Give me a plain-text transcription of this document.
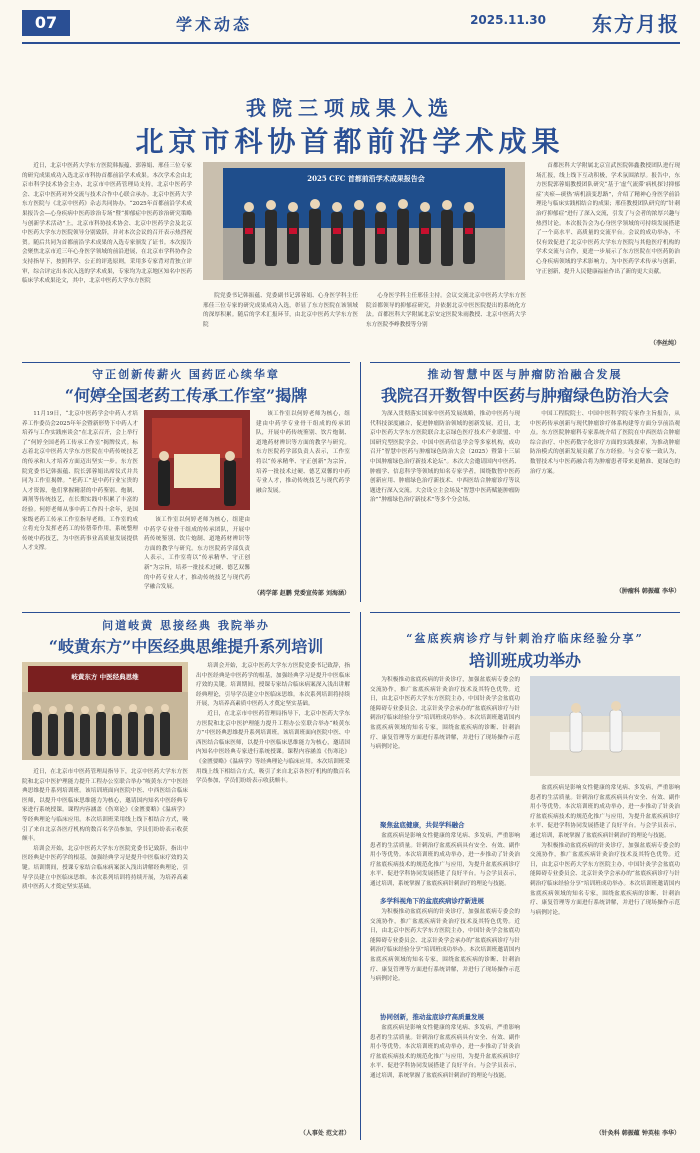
07	学术动态	2025.11.30	东方月报
我院三项成果入选
北京市科协首都前沿学术成果

近日，北京中医药大学东方医院韩振蕴、郭蓉娟、邢佳三位专家的研究成果成功入选北京市科协首都前沿学术成果。本次学术会由北京市科学技术协会主办，北京市中医药管理局支持，北京中医药学会、北京中医药对外交流与技术合作中心联合承办。北京中医药大学东方医院与《北京中医药》杂志共同协办。“2025年首都前沿学术成果报告会—心身疾病中医药诊治专场”暨“抑郁症中医药诊治研究策略与创新学术活动”上，北京市科协技术协会、北京中医药学会及北京中医药大学东方医院领导分别致辞，并对本次会议的召开表示热烈祝贺。随后共同为首都前沿学术成果的入选专家颁发了证书。本次报告会聚焦北京市近三年心身医学领域的前沿进展，在北京市学科协作会支持指导下，按照科学、公正的评选原则，采用多专家背对背独立评审，综合评定出本次入选的学术成果，专家均为北京地区知名中医药临床学术成果论文，其中，北京中医药大学东方医院

2025 CFC 首都前沿学术成果报告会

院党委书记韩振蕴、党委副书记郭蓉娟、心身医学科主任邢佳三位专家的研究成果成功入选，彰显了东方医院在该领域的深厚积累。随后的学术汇报环节，由北京中医药大学东方医院

心身医学科主任邢佳主持。会议交流北京中医药大学东方医院首都领导的抑郁症研究，并依据北京中医医院提出的系统化方法。首都医科大学附属北京安定医院朱雨教授、北京中医药大学东方医院李峥教授等分别

首都医科大学附属北京宣武医院韩鑫教授团队进行现场汇报，线上线下互动积极，学术氛围浓厚。报告中，东方医院郭蓉娟教授团队研究“基于‘虚气流滞’病机探讨抑郁症‘夹瘀—痰热’病机演变思路”，介绍了精神心身医学前沿理论与临床实践相结合的成果；邢佳教授团队研究的“针刺治疗抑郁症”进行了深入交流，引发了与会者的浓厚兴趣与热烈讨论。本次报告会为心身医学领域的可持续发展搭建了一个高水平、高质量的交流平台。会议的成功举办，不仅有效促进了北京中医药大学东方医院与其他医疗机构的学术交流与合作，更进一步展示了东方医院在中医药防治心身疾病领域的学术影响力，为中医药学术传承与创新，守正创新，提升人民健康福祉作出了新的更大贡献。

（李丝纯）
守正创新传薪火 国药匠心续华章
“何婷全国老药工传承工作室”揭牌

11月19日，“北京中医药学会中药人才培养工作委员会2025年年会暨新形势下中药人才培养与工作实践座谈会”在北京召开，会上举行了“何婷全国老药工传承工作室”揭牌仪式。标志着北京中医药大学东方医院在中药传统技艺的传承和人才培养方面迈出坚实一步。东方医院党委书记韩振蕴、院长郭蓉娟出席仪式并共同为工作室揭牌。“老药工”是中药行业宝贵的人才资源，他们掌握精湛的中药鉴别、炮制、调剂等传统技艺，在长期实践中积累了丰富的经验。何婷老师从事中药工作四十余年，是国家级老药工传承工作室指导老师。工作室的成立将充分发挥老药工的传帮带作用，系统整理传统中药技艺，为中医药事业高质量发展提供人才支撑。

该工作室以何婷老师为核心，组建由中药学专业骨干组成的传承团队，开展中药传统鉴别、饮片炮制、道地药材辨识等方面的教学与研究。东方医院药学部负责人表示，工作室将以“传承精华、守正创新”为宗旨，培养一批技术过硬、德艺双馨的中药专业人才，推动传统技艺与现代药学融合发展。

该工作室以何婷老师为核心，组建由中药学专业骨干组成的传承团队，开展中药传统鉴别、饮片炮制、道地药材辨识等方面的教学与研究。东方医院药学部负责人表示，工作室将以“传承精华、守正创新”为宗旨，培养一批技术过硬、德艺双馨的中药专业人才，推动传统技艺与现代药学融合发展。

（药学部 赵鹏 党委宣传部 刘海涵）
推动智慧中医与肿瘤防治融合发展
我院召开数智中医药与肿瘤绿色防治大会

为深入贯彻落实国家中医药发展战略，推动中医药与现代科技深度融合，促进肿瘤防治领域的创新发展，近日，北京中医药大学东方医院联合北京绿色医疗技术产业联盟、中国研究型医院学会、中国中医药信息学会等多家机构，成功召开“智慧中医药与肿瘤绿色防治大会（2025）暨第十三届中国肿瘤绿色治疗新技术论坛”。本次大会邀请国内中医药、肿瘤学、信息科学等领域的知名专家学者，围绕数智中医药创新应用、肿瘤绿色治疗新技术、中西医结合肿瘤诊疗等议题进行深入交流。大会设立主会场及“智慧中医药赋能肿瘤防治”“肿瘤绿色治疗新技术”等多个分会场。

中国工程院院士、中国中医科学院专家作主旨报告，从中医药传承创新与现代肿瘤诊疗体系构建等方面分享前沿观点。东方医院肿瘤科专家系统介绍了医院在中西医结合肿瘤综合治疗、中医药数字化诊疗方面的实践探索，为推动肿瘤防治模式的创新发展贡献了东方经验。与会专家一致认为，数智技术与中医药融合将为肿瘤患者带来更精准、更绿色的治疗方案。

（肿瘤科 韩振蕴 李华）
问道岐黄 思接经典 我院举办
“岐黄东方”中医经典思维提升系列培训
岐黄东方 中医经典思维

近日，在北京市中医药管理局指导下，北京中医药大学东方医院和北京中医护理能力提升工程办公室联合举办“岐黄东方”中医经典思维提升系列培训班。该培训班面向医院中医、中西医结合临床医师，以提升中医临床思维能力为核心，邀请国内知名中医经典专家进行系统授课。课程内容涵盖《伤寒论》《金匮要略》《温病学》等经典理论与临床应用。本次培训班采用线上线下相结合方式，吸引了来自北京各医疗机构的数百名学员参加，学员们纷纷表示收获颇丰。

培训会开始，北京中医药大学东方医院党委书记致辞，指出中医经典是中医药学的根基，加强经典学习是提升中医临床疗效的关键。培训期间，授课专家结合临床病案深入浅出讲解经典理论，引导学员建立中医临床思维。本次系列培训将持续开展，为培养高素质中医药人才奠定坚实基础。

培训会开始，北京中医药大学东方医院党委书记致辞，指出中医经典是中医药学的根基，加强经典学习是提升中医临床疗效的关键。培训期间，授课专家结合临床病案深入浅出讲解经典理论，引导学员建立中医临床思维。本次系列培训将持续开展，为培养高素质中医药人才奠定坚实基础。

近日，在北京市中医药管理局指导下，北京中医药大学东方医院和北京中医护理能力提升工程办公室联合举办“岐黄东方”中医经典思维提升系列培训班。该培训班面向医院中医、中西医结合临床医师，以提升中医临床思维能力为核心，邀请国内知名中医经典专家进行系统授课。课程内容涵盖《伤寒论》《金匮要略》《温病学》等经典理论与临床应用。本次培训班采用线上线下相结合方式，吸引了来自北京各医疗机构的数百名学员参加，学员们纷纷表示收获颇丰。

（人事处 范文君）
“盆底疾病诊疗与针刺治疗临床经验分享”
培训班成功举办

为积极推动盆底疾病的针灸诊疗，加强盆底病专委会的交流协作，推广盆底疾病针灸治疗技术及其特色优势。近日，由北京中医药大学东方医院主办，中国针灸学会盆底功能障碍专业委员会、北京针灸学会承办的“盆底疾病诊疗与针刺治疗临床经验分享”培训班成功举办。本次培训班邀请国内盆底疾病领域的知名专家，围绕盆底疾病的诊断、针刺治疗、康复管理等方面进行系统讲解，并进行了现场操作示范与病例讨论。

聚焦盆底健康，共促学科融合

盆底疾病是影响女性健康的常见病、多发病，严重影响患者的生活质量。针刺治疗盆底疾病具有安全、有效、副作用小等优势。本次培训班的成功举办，进一步推动了针灸治疗盆底疾病技术的规范化推广与应用，为提升盆底疾病诊疗水平、促进学科协同发展搭建了良好平台。与会学员表示，通过培训，系统掌握了盆底疾病针刺治疗的理论与技能。

多学科视角下的盆底疾病诊疗新进展

为积极推动盆底疾病的针灸诊疗，加强盆底病专委会的交流协作，推广盆底疾病针灸治疗技术及其特色优势。近日，由北京中医药大学东方医院主办，中国针灸学会盆底功能障碍专业委员会、北京针灸学会承办的“盆底疾病诊疗与针刺治疗临床经验分享”培训班成功举办。本次培训班邀请国内盆底疾病领域的知名专家，围绕盆底疾病的诊断、针刺治疗、康复管理等方面进行系统讲解，并进行了现场操作示范与病例讨论。

协同创新，推动盆底诊疗高质量发展

盆底疾病是影响女性健康的常见病、多发病，严重影响患者的生活质量。针刺治疗盆底疾病具有安全、有效、副作用小等优势。本次培训班的成功举办，进一步推动了针灸治疗盆底疾病技术的规范化推广与应用，为提升盆底疾病诊疗水平、促进学科协同发展搭建了良好平台。与会学员表示，通过培训，系统掌握了盆底疾病针刺治疗的理论与技能。

盆底疾病是影响女性健康的常见病、多发病，严重影响患者的生活质量。针刺治疗盆底疾病具有安全、有效、副作用小等优势。本次培训班的成功举办，进一步推动了针灸治疗盆底疾病技术的规范化推广与应用，为提升盆底疾病诊疗水平、促进学科协同发展搭建了良好平台。与会学员表示，通过培训，系统掌握了盆底疾病针刺治疗的理论与技能。

为积极推动盆底疾病的针灸诊疗，加强盆底病专委会的交流协作，推广盆底疾病针灸治疗技术及其特色优势。近日，由北京中医药大学东方医院主办，中国针灸学会盆底功能障碍专业委员会、北京针灸学会承办的“盆底疾病诊疗与针刺治疗临床经验分享”培训班成功举办。本次培训班邀请国内盆底疾病领域的知名专家，围绕盆底疾病的诊断、针刺治疗、康复管理等方面进行系统讲解，并进行了现场操作示范与病例讨论。

（针灸科 韩振蕴 钟英桂 李华）
